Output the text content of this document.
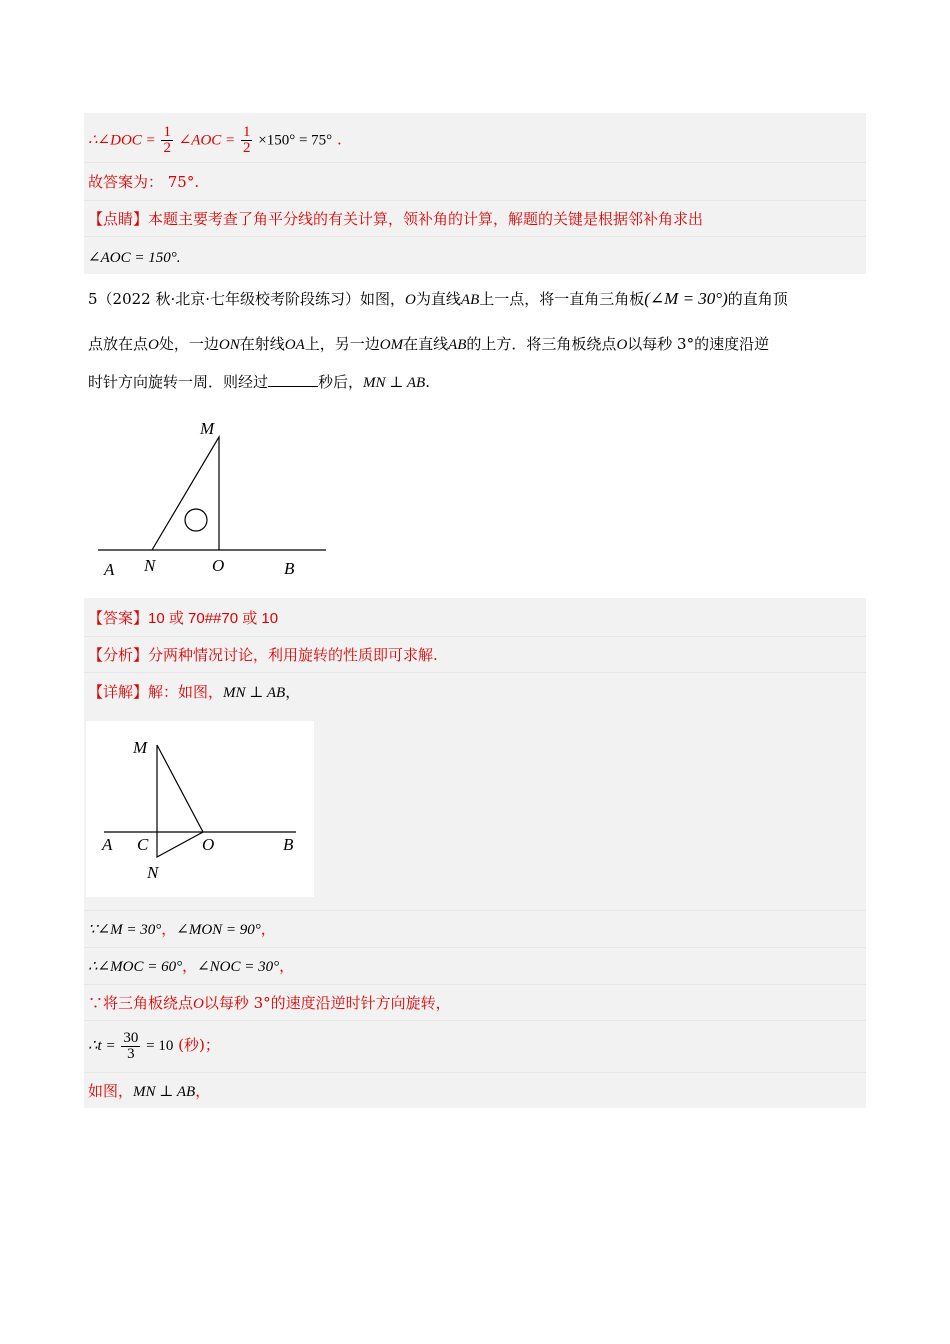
∴∠DOC = $\frac{1}{2}$ ∠AOC = $\frac{1}{2} \times 150^\circ = 75^\circ$ .
故答案为： 75°.
【点睛】本题主要考查了角平分线的有关计算，领补角的计算，解题的关键是根据邻补角求出
∠AOC = 150°.
5（2022 秋·北京·七年级校考阶段练习）如图，O为直线AB上一点，将一直角三角板(∠M = 30°)的直角顶
点放在点O处，一边ON在射线OA上，另一边OM在直线AB的上方．将三角板绕点O以每秒 3°的速度沿逆
时针方向旋转一周．则经过	秒后，MN ⊥ AB.
M
A N	O	B
【答案】10 或 70##70 或 10
【分析】分两种情况讨论，利用旋转的性质即可求解.
【详解】解：如图，MN ⊥ AB，
M
A C	O	B
N
∵∠M = 30°，∠MON = 90°，
∴∠MOC = 60°，∠NOC = 30°，
∵将三角板绕点O以每秒 3°的速度沿逆时针方向旋转，
∴t = $\frac{30}{3} = 10$ (秒)；
如图，MN ⊥ AB，
